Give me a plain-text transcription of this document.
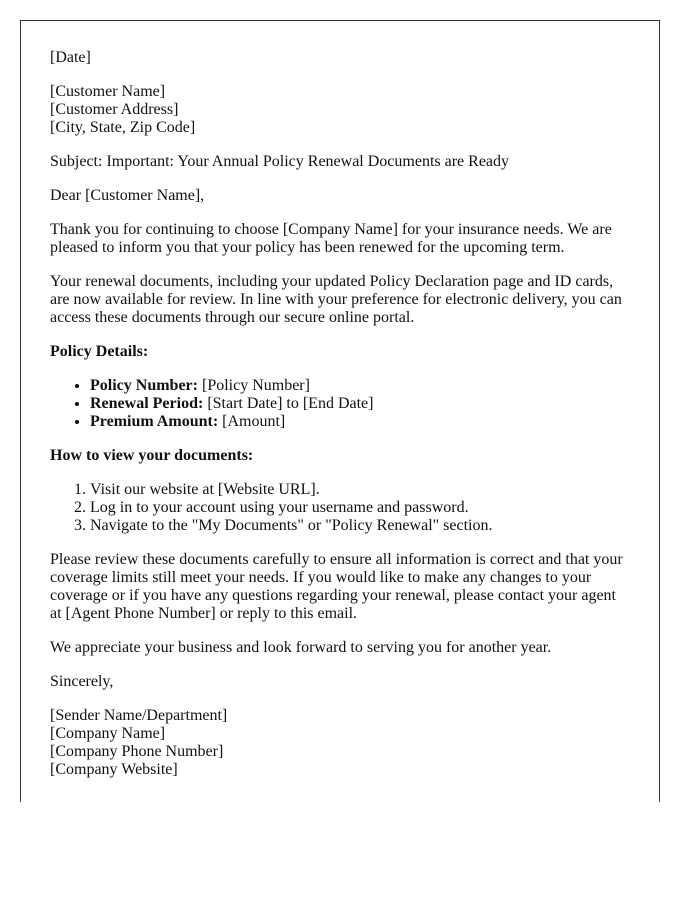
[Date]

[Customer Name]

[Customer Address]

[City, State, Zip Code]

Subject: Important: Your Annual Policy Renewal Documents are Ready

Dear [Customer Name],

Thank you for continuing to choose [Company Name] for your insurance needs. We are pleased to inform you that your policy has been renewed for the upcoming term.

Your renewal documents, including your updated Policy Declaration page and ID cards, are now available for review. In line with your preference for electronic delivery, you can access these documents through our secure online portal.

Policy Details:
• Policy Number: [Policy Number]
• Renewal Period: [Start Date] to [End Date]
• Premium Amount: [Amount]
How to view your documents:
1. Visit our website at [Website URL].
2. Log in to your account using your username and password.
3. Navigate to the "My Documents" or "Policy Renewal" section.

Please review these documents carefully to ensure all information is correct and that your coverage limits still meet your needs. If you would like to make any changes to your coverage or if you have any questions regarding your renewal, please contact your agent at [Agent Phone Number] or reply to this email.

We appreciate your business and look forward to serving you for another year.

Sincerely,

[Sender Name/Department]

[Company Name]

[Company Phone Number]

[Company Website]
